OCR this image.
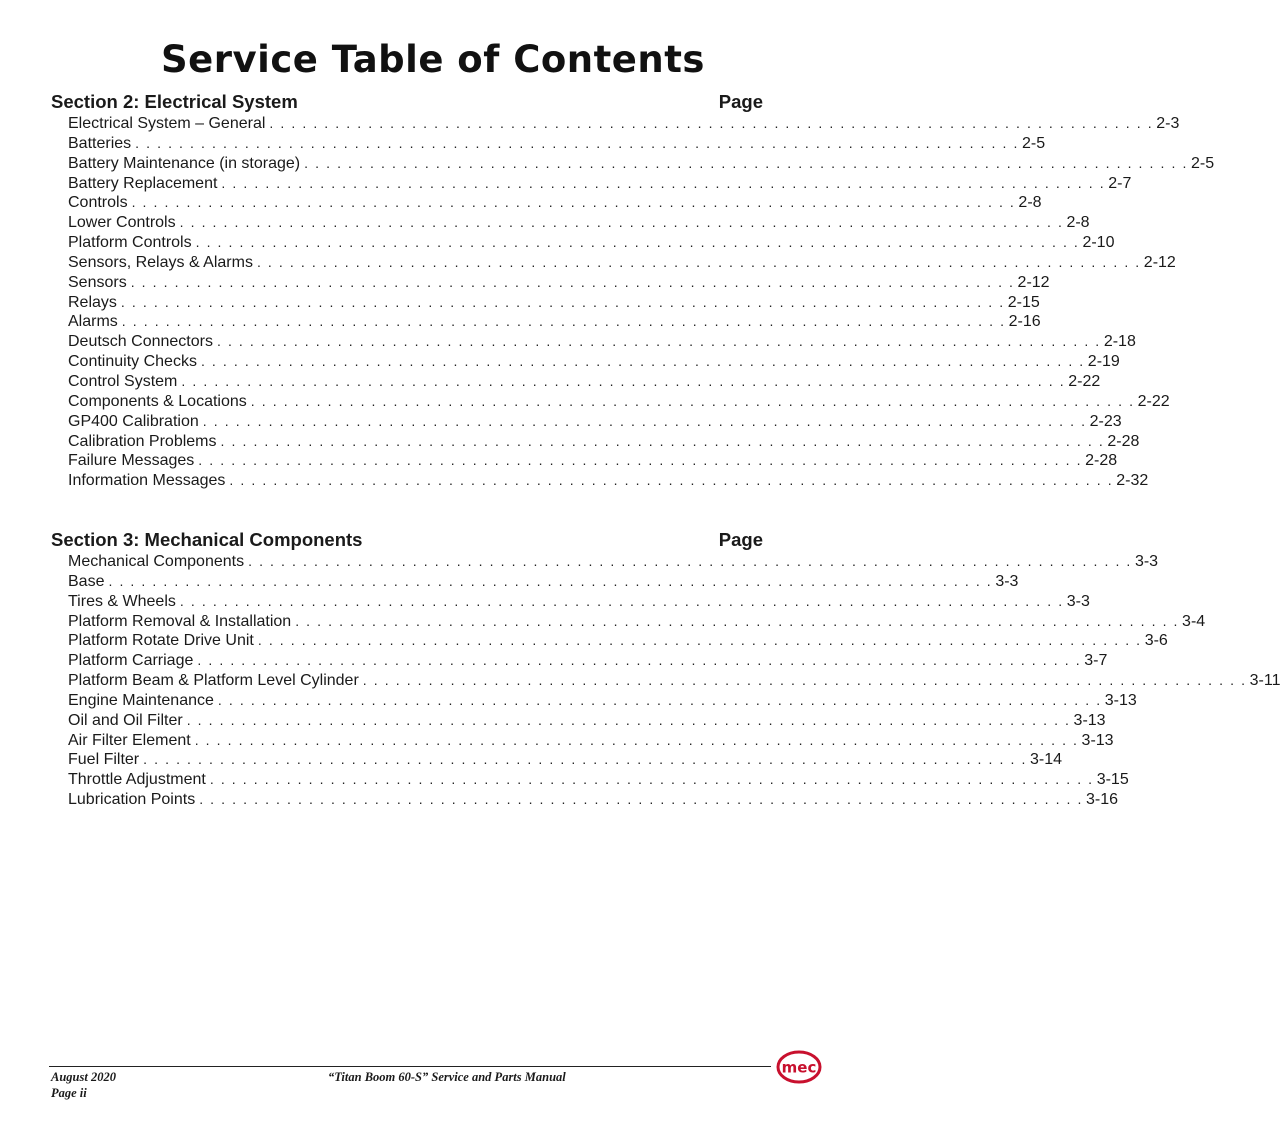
Service Table of Contents
Section 2: Electrical System	Page
Electrical System – General . . . . . . . . . . . . . . . . . . . . . . . . . . . . . . . . . . . . . . . . . . . . . . . . . . . . . . . . . . . . . . . . . . . . . . . . . . . . . . . . . 2-3
Batteries . . . . . . . . . . . . . . . . . . . . . . . . . . . . . . . . . . . . . . . . . . . . . . . . . . . . . . . . . . . . . . . . . . . . . . . . . . . . . . . . . 2-5
Battery Maintenance (in storage) . . . . . . . . . . . . . . . . . . . . . . . . . . . . . . . . . . . . . . . . . . . . . . . . . . . . . . . . . . . . . . . . . . . . . . . . . . . . . . . . . 2-5
Battery Replacement . . . . . . . . . . . . . . . . . . . . . . . . . . . . . . . . . . . . . . . . . . . . . . . . . . . . . . . . . . . . . . . . . . . . . . . . . . . . . . . . . 2-7
Controls . . . . . . . . . . . . . . . . . . . . . . . . . . . . . . . . . . . . . . . . . . . . . . . . . . . . . . . . . . . . . . . . . . . . . . . . . . . . . . . . . 2-8
Lower Controls . . . . . . . . . . . . . . . . . . . . . . . . . . . . . . . . . . . . . . . . . . . . . . . . . . . . . . . . . . . . . . . . . . . . . . . . . . . . . . . . . 2-8
Platform Controls . . . . . . . . . . . . . . . . . . . . . . . . . . . . . . . . . . . . . . . . . . . . . . . . . . . . . . . . . . . . . . . . . . . . . . . . . . . . . . . . . 2-10
Sensors, Relays & Alarms . . . . . . . . . . . . . . . . . . . . . . . . . . . . . . . . . . . . . . . . . . . . . . . . . . . . . . . . . . . . . . . . . . . . . . . . . . . . . . . . . 2-12
Sensors . . . . . . . . . . . . . . . . . . . . . . . . . . . . . . . . . . . . . . . . . . . . . . . . . . . . . . . . . . . . . . . . . . . . . . . . . . . . . . . . . 2-12
Relays . . . . . . . . . . . . . . . . . . . . . . . . . . . . . . . . . . . . . . . . . . . . . . . . . . . . . . . . . . . . . . . . . . . . . . . . . . . . . . . . . 2-15
Alarms . . . . . . . . . . . . . . . . . . . . . . . . . . . . . . . . . . . . . . . . . . . . . . . . . . . . . . . . . . . . . . . . . . . . . . . . . . . . . . . . . 2-16
Deutsch Connectors . . . . . . . . . . . . . . . . . . . . . . . . . . . . . . . . . . . . . . . . . . . . . . . . . . . . . . . . . . . . . . . . . . . . . . . . . . . . . . . . . 2-18
Continuity Checks . . . . . . . . . . . . . . . . . . . . . . . . . . . . . . . . . . . . . . . . . . . . . . . . . . . . . . . . . . . . . . . . . . . . . . . . . . . . . . . . . 2-19
Control System . . . . . . . . . . . . . . . . . . . . . . . . . . . . . . . . . . . . . . . . . . . . . . . . . . . . . . . . . . . . . . . . . . . . . . . . . . . . . . . . . 2-22
Components & Locations . . . . . . . . . . . . . . . . . . . . . . . . . . . . . . . . . . . . . . . . . . . . . . . . . . . . . . . . . . . . . . . . . . . . . . . . . . . . . . . . . 2-22
GP400 Calibration . . . . . . . . . . . . . . . . . . . . . . . . . . . . . . . . . . . . . . . . . . . . . . . . . . . . . . . . . . . . . . . . . . . . . . . . . . . . . . . . . 2-23
Calibration Problems . . . . . . . . . . . . . . . . . . . . . . . . . . . . . . . . . . . . . . . . . . . . . . . . . . . . . . . . . . . . . . . . . . . . . . . . . . . . . . . . . 2-28
Failure Messages . . . . . . . . . . . . . . . . . . . . . . . . . . . . . . . . . . . . . . . . . . . . . . . . . . . . . . . . . . . . . . . . . . . . . . . . . . . . . . . . . 2-28
Information Messages . . . . . . . . . . . . . . . . . . . . . . . . . . . . . . . . . . . . . . . . . . . . . . . . . . . . . . . . . . . . . . . . . . . . . . . . . . . . . . . . . 2-32
Section 3: Mechanical Components	Page
Mechanical Components . . . . . . . . . . . . . . . . . . . . . . . . . . . . . . . . . . . . . . . . . . . . . . . . . . . . . . . . . . . . . . . . . . . . . . . . . . . . . . . . . 3-3
Base . . . . . . . . . . . . . . . . . . . . . . . . . . . . . . . . . . . . . . . . . . . . . . . . . . . . . . . . . . . . . . . . . . . . . . . . . . . . . . . . . 3-3
Tires & Wheels . . . . . . . . . . . . . . . . . . . . . . . . . . . . . . . . . . . . . . . . . . . . . . . . . . . . . . . . . . . . . . . . . . . . . . . . . . . . . . . . . 3-3
Platform Removal & Installation . . . . . . . . . . . . . . . . . . . . . . . . . . . . . . . . . . . . . . . . . . . . . . . . . . . . . . . . . . . . . . . . . . . . . . . . . . . . . . . . . 3-4
Platform Rotate Drive Unit . . . . . . . . . . . . . . . . . . . . . . . . . . . . . . . . . . . . . . . . . . . . . . . . . . . . . . . . . . . . . . . . . . . . . . . . . . . . . . . . . 3-6
Platform Carriage . . . . . . . . . . . . . . . . . . . . . . . . . . . . . . . . . . . . . . . . . . . . . . . . . . . . . . . . . . . . . . . . . . . . . . . . . . . . . . . . . 3-7
Platform Beam & Platform Level Cylinder . . . . . . . . . . . . . . . . . . . . . . . . . . . . . . . . . . . . . . . . . . . . . . . . . . . . . . . . . . . . . . . . . . . . . . . . . . . . . . . . . 3-11
Engine Maintenance . . . . . . . . . . . . . . . . . . . . . . . . . . . . . . . . . . . . . . . . . . . . . . . . . . . . . . . . . . . . . . . . . . . . . . . . . . . . . . . . . 3-13
Oil and Oil Filter . . . . . . . . . . . . . . . . . . . . . . . . . . . . . . . . . . . . . . . . . . . . . . . . . . . . . . . . . . . . . . . . . . . . . . . . . . . . . . . . . 3-13
Air Filter Element . . . . . . . . . . . . . . . . . . . . . . . . . . . . . . . . . . . . . . . . . . . . . . . . . . . . . . . . . . . . . . . . . . . . . . . . . . . . . . . . . 3-13
Fuel Filter . . . . . . . . . . . . . . . . . . . . . . . . . . . . . . . . . . . . . . . . . . . . . . . . . . . . . . . . . . . . . . . . . . . . . . . . . . . . . . . . . 3-14
Throttle Adjustment . . . . . . . . . . . . . . . . . . . . . . . . . . . . . . . . . . . . . . . . . . . . . . . . . . . . . . . . . . . . . . . . . . . . . . . . . . . . . . . . . 3-15
Lubrication Points . . . . . . . . . . . . . . . . . . . . . . . . . . . . . . . . . . . . . . . . . . . . . . . . . . . . . . . . . . . . . . . . . . . . . . . . . . . . . . . . . 3-16
August 2020
Page ii
“Titan Boom 60-S” Service and Parts Manual
mec
